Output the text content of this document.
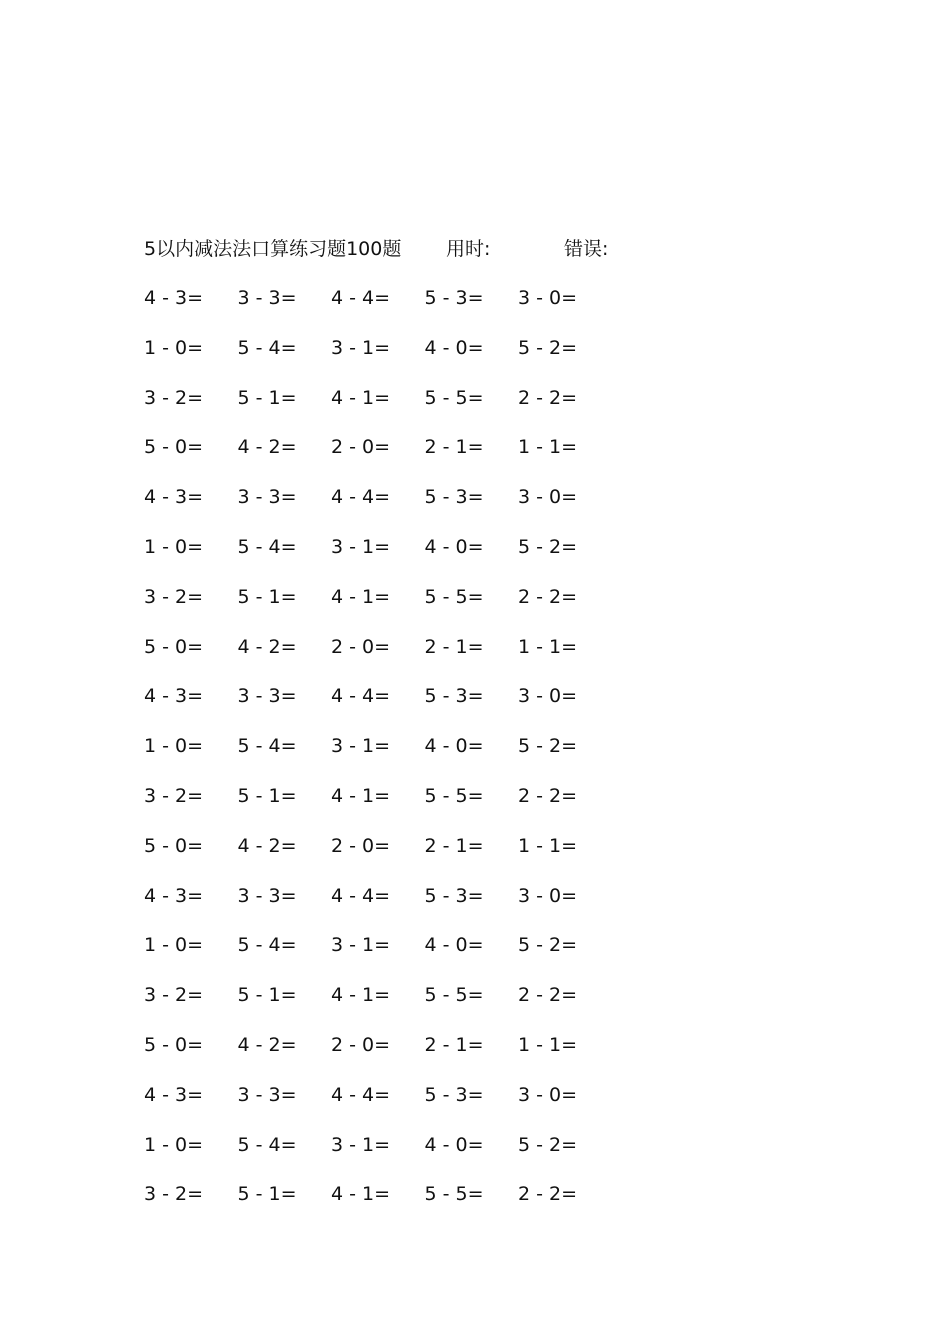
5以内减法法口算练习题100题 用时:	错误:
4 - 3=	3 - 3=	4 - 4=	5 - 3=	3 - 0=
1 - 0=	5 - 4=	3 - 1=	4 - 0=	5 - 2=
3 - 2=	5 - 1=	4 - 1=	5 - 5=	2 - 2=
5 - 0=	4 - 2=	2 - 0=	2 - 1=	1 - 1=
4 - 3=	3 - 3=	4 - 4=	5 - 3=	3 - 0=
1 - 0=	5 - 4=	3 - 1=	4 - 0=	5 - 2=
3 - 2=	5 - 1=	4 - 1=	5 - 5=	2 - 2=
5 - 0=	4 - 2=	2 - 0=	2 - 1=	1 - 1=
4 - 3=	3 - 3=	4 - 4=	5 - 3=	3 - 0=
1 - 0=	5 - 4=	3 - 1=	4 - 0=	5 - 2=
3 - 2=	5 - 1=	4 - 1=	5 - 5=	2 - 2=
5 - 0=	4 - 2=	2 - 0=	2 - 1=	1 - 1=
4 - 3=	3 - 3=	4 - 4=	5 - 3=	3 - 0=
1 - 0=	5 - 4=	3 - 1=	4 - 0=	5 - 2=
3 - 2=	5 - 1=	4 - 1=	5 - 5=	2 - 2=
5 - 0=	4 - 2=	2 - 0=	2 - 1=	1 - 1=
4 - 3=	3 - 3=	4 - 4=	5 - 3=	3 - 0=
1 - 0=	5 - 4=	3 - 1=	4 - 0=	5 - 2=
3 - 2=	5 - 1=	4 - 1=	5 - 5=	2 - 2=
